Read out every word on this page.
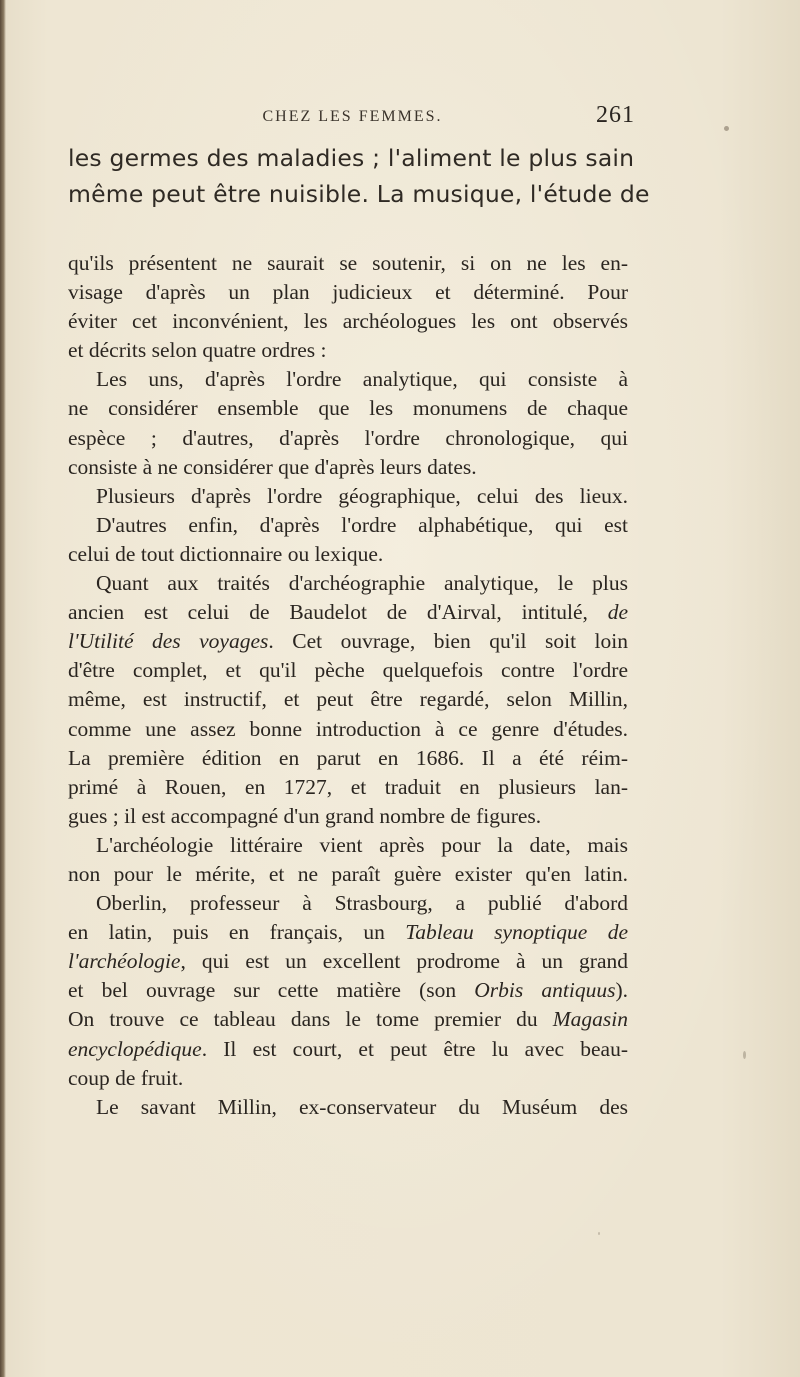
CHEZ LES FEMMES.	261
les germes des maladies ; l'aliment le plus sain
même peut être nuisible. La musique, l'étude de
qu'ils présentent ne saurait se soutenir, si on ne les en-
visage d'après un plan judicieux et déterminé. Pour
éviter cet inconvénient, les archéologues les ont observés
et décrits selon quatre ordres :
Les uns, d'après l'ordre analytique, qui consiste à
ne considérer ensemble que les monumens de chaque
espèce ; d'autres, d'après l'ordre chronologique, qui
consiste à ne considérer que d'après leurs dates.
Plusieurs d'après l'ordre géographique, celui des lieux.
D'autres enfin, d'après l'ordre alphabétique, qui est
celui de tout dictionnaire ou lexique.
Quant aux traités d'archéographie analytique, le plus
ancien est celui de Baudelot de d'Airval, intitulé, de
l'Utilité des voyages. Cet ouvrage, bien qu'il soit loin
d'être complet, et qu'il pèche quelquefois contre l'ordre
même, est instructif, et peut être regardé, selon Millin,
comme une assez bonne introduction à ce genre d'études.
La première édition en parut en 1686. Il a été réim-
primé à Rouen, en 1727, et traduit en plusieurs lan-
gues ; il est accompagné d'un grand nombre de figures.
L'archéologie littéraire vient après pour la date, mais
non pour le mérite, et ne paraît guère exister qu'en latin.
Oberlin, professeur à Strasbourg, a publié d'abord
en latin, puis en français, un Tableau synoptique de
l'archéologie, qui est un excellent prodrome à un grand
et bel ouvrage sur cette matière (son Orbis antiquus).
On trouve ce tableau dans le tome premier du Magasin
encyclopédique. Il est court, et peut être lu avec beau-
coup de fruit.
Le savant Millin, ex-conservateur du Muséum des
